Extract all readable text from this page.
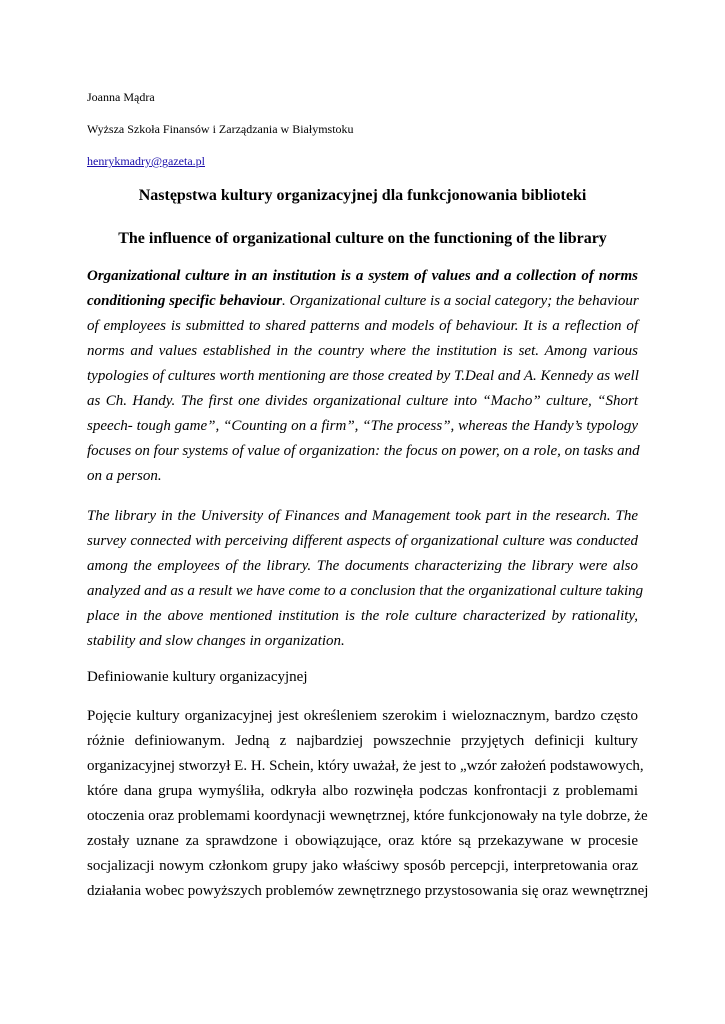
Joanna Mądra
Wyższa Szkoła Finansów i Zarządzania w Białymstoku
henrykmadry@gazeta.pl
Następstwa kultury organizacyjnej dla funkcjonowania biblioteki
The influence of organizational culture on the functioning of the library
Organizational culture in an institution is a system of values and a collection of norms
conditioning specific behaviour. Organizational culture is a social category; the behaviour
of employees is submitted to shared patterns and models of behaviour. It is a reflection of
norms and values established in the country where the institution is set. Among various
typologies of cultures worth mentioning are those created by T.Deal and A. Kennedy as well
as Ch. Handy. The first one divides organizational culture into “Macho” culture, “Short
speech- tough game”, “Counting on a firm”, “The process”, whereas the Handy’s typology
focuses on four systems of value of organization: the focus on power, on a role, on tasks and
on a person.
The library in the University of Finances and Management took part in the research. The
survey connected with perceiving different aspects of organizational culture was conducted
among the employees of the library. The documents characterizing the library were also
analyzed and as a result we have come to a conclusion that the organizational culture taking
place in the above mentioned institution is the role culture characterized by rationality,
stability and slow changes in organization.
Definiowanie kultury organizacyjnej
Pojęcie kultury organizacyjnej jest określeniem szerokim i wieloznacznym, bardzo często
różnie definiowanym. Jedną z najbardziej powszechnie przyjętych definicji kultury
organizacyjnej stworzył E. H. Schein, który uważał, że jest to „wzór założeń podstawowych,
które dana grupa wymyśliła, odkryła albo rozwinęła podczas konfrontacji z problemami
otoczenia oraz problemami koordynacji wewnętrznej, które funkcjonowały na tyle dobrze, że
zostały uznane za sprawdzone i obowiązujące, oraz które są przekazywane w procesie
socjalizacji nowym członkom grupy jako właściwy sposób percepcji, interpretowania oraz
działania wobec powyższych problemów zewnętrznego przystosowania się oraz wewnętrznej
